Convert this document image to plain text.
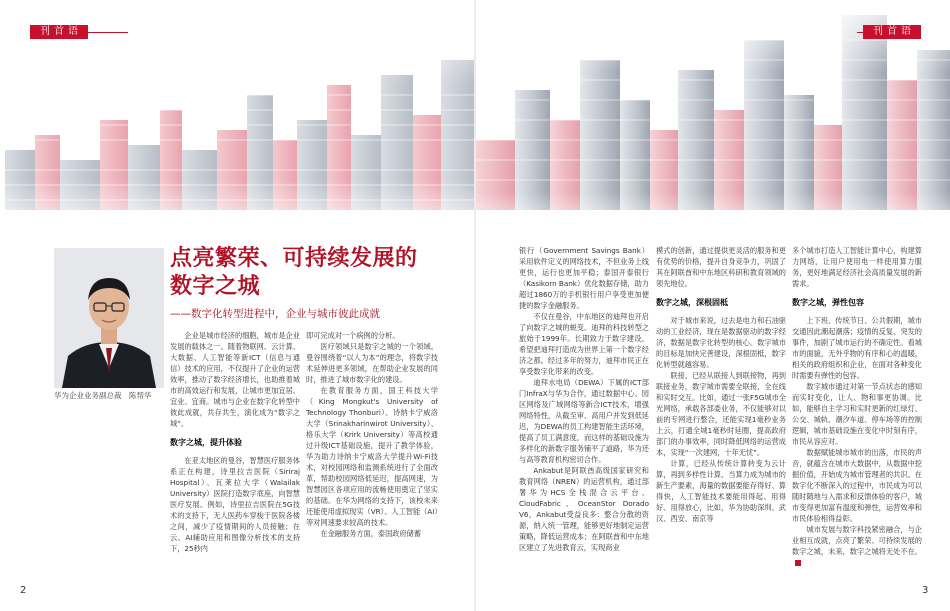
刊首语
华为企业业务副总裁　陈帮华
点亮繁荣、可持续发展的
数字之城
——数字化转型进程中，企业与城市彼此成就

企业是城市经济的细胞，城市是企业发展的载体之一。随着物联网、云计算、大数据、人工智能等新ICT（信息与通信）技术的应用，不仅提升了企业的运营效率，推动了数字经济增长，也助推着城市的高效运行和发展，让城市更加宜居、宜业、宜商。城市与企业在数字化转型中彼此成就，共存共生，演化成为“数字之城”。

数字之城，提升体验

在亚太地区的曼谷，智慧医疗服务体系正在构建，诗里拉吉医院（Siriraj Hospital）、瓦莱拉大学（Walailak University）医院打造数字底座，向智慧医疗发展。例如，诗里拉吉医院在5G技术的支持下，无人医药车穿梭于医院各楼之间，减少了疫情期间的人员接触；在云、AI辅助应用和图像分析技术的支持下，25秒内

即可完成对一个病例的分析。

医疗领域只是数字之城的一个领域。曼谷围绕着“以人为本”的理念，将数字技术延伸进更多领域，在帮助企业发展的同时，推进了城市数字化的建设。

在教育服务方面，国王科技大学（King Mongkut's University of Technology Thonburi）、诗纳卡宁威洛大学（Srinakharinwirot University）、格乐大学（Krirk University）等高校通过升级ICT基础设施，提升了教学体验，华为助力诗纳卡宁威洛大学提升Wi-Fi技术，对校园网络和监测系统进行了全面改革，帮助校园网络低延迟，提高网速，为智慧园区各项应用的流畅使用奠定了坚实的基础。在华为网络的支持下，该校未来还能使用虚拟现实（VR）、人工智能（AI）等对网速要求较高的技术。

在金融服务方面，泰国政府储蓄

2

银行（Government Savings Bank）采用软件定义的网络技术，不但业务上线更快，运行也更加平稳；泰国开泰银行（Kasikorn Bank）优化数据存储，助力超过1860万的手机银行用户享受更加便捷的数字金融服务。

不仅在曼谷，中东地区的迪拜也开启了向数字之城的蜕变。迪拜的科技转型之旅始于1999年。长期致力于数字建设，希望把迪拜打造成为世界上第一个数字经济之都。经过多年的努力，迪拜市民正在享受数字化带来的改变。

迪拜水电局（DEWA）下属的ICT部门InfraX与华为合作，通过数据中心、园区网络及广域网络等新合ICT技术，增强网络特性，从截至审、高用户并发到低延迟，为DEWA的员工构建智能生活环境，提高了员工满意度，而这样的基础设施为多样化的新数字服务铺平了道路，华为还与高等教育机构密切合作。

Ankabut是阿联酋高级国家研究和教育网络（NREN）的运营机构，通过部署华为HCS全栈混合云平台、CloudFabric、OceanStor Dorado V6，Ankabut受益良多：整合分散的资源，纳入统一管理，能够更好地制定运营策略，降低运营成本；在阿联酋和中东地区建立了先进教育云，实现商业

模式的创新，通过提供更灵活的服务和更有优势的价格，提升自身竞争力，巩固了其在阿联酋和中东地区科研和教育领域的领先地位。

数字之城，深根固柢

对于城市来说，过去是电力和石油驱动的工业经济，现在是数据驱动的数字经济，数据是数字化转型的核心。数字城市的目标是加快完善建设，深根固柢，数字化转型就越容易。

联接，已经从联接人到联接物，再到联接业务，数字城市需要全联接，全在线和实时交互。比如，通过一张F5G城市全光网络，承载各部委业务，不仅能够对以前的专网进行整合，还能实现1毫秒业务上云，打通全城1毫秒时延圈，提高政府部门的办事效率，同时降低网络的运营成本，实现“一次建网，十年无忧”。

计算，已经从传统计算转变为云计算，再到多样性计算，当算力成为城市的新生产要素，海量的数据要能存得好、算得快，人工智能技术要能用得起、用得好、用得放心，比如，华为协助深圳、武汉、西安、南京等

多个城市打造人工智能计算中心，构建算力网络，让用户使用电一样使用算力服务，更好地满足经济社会高质量发展的新需求。

数字之城，弹性包容

上下班、传统节日、公共假期，城市交通因此潮起潮落；疫情的反复、突发的事件，加剧了城市运行的不确定性。看城市的面貌，无外乎物的有序和心的温暖，相关的政府组织和企业，在面对各种变化时需要有弹性的包容。

数字城市通过对第一节点状态的感知而实时变化，让人、物和事更协调。比如，能够自主学习和实时更新的红绿灯、公交、城轨、潮汐车道、停车场等的控制逻辑，城市基础设施在变化中时刻有序，市民从容应对。

数据赋能城市城市的出落，市民的声音，就蕴含在城市大数据中，从数据中挖掘价值，开始成为城市管理者的共识。在数字化不断深入的过程中，市民成为可以随时随地与入需求和反馈体验的客户，城市变得更加富有温度和弹性，运营效率和市民体验相得益彰。

城市发展与数字科技紧密融合，与企业相互成就，点亮了繁荣、可持续发展的数字之城，未来，数字之城将无处不在。

3
刊首语
